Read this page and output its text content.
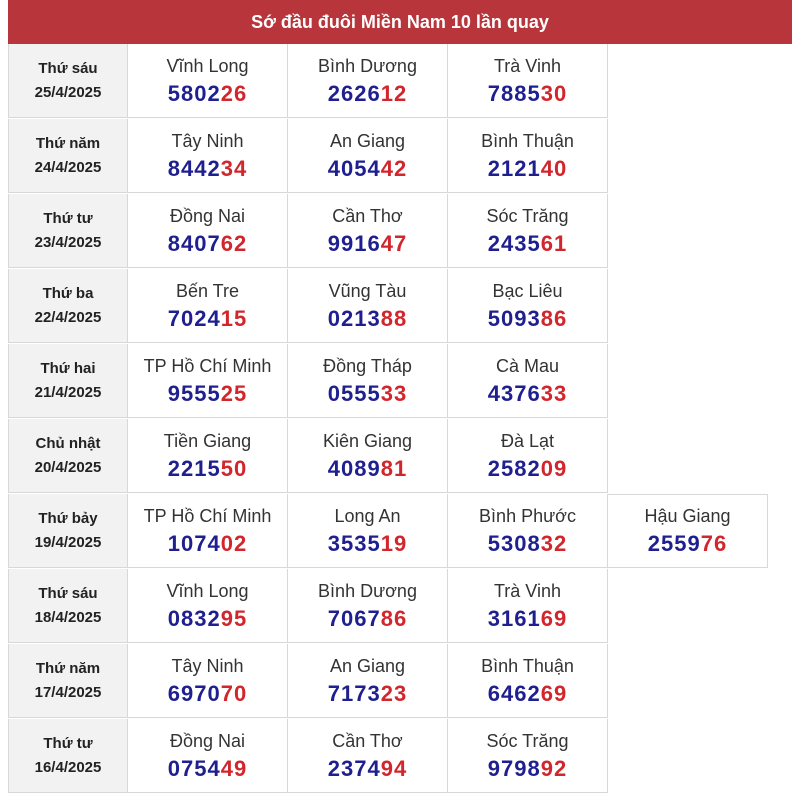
Sớ đầu đuôi Miền Nam 10 lần quay
Thứ sáu
25/4/2025
Vĩnh Long
580226
Bình Dương
262612
Trà Vinh
788530
Thứ năm
24/4/2025
Tây Ninh
844234
An Giang
405442
Bình Thuận
212140
Thứ tư
23/4/2025
Đồng Nai
840762
Cần Thơ
991647
Sóc Trăng
243561
Thứ ba
22/4/2025
Bến Tre
702415
Vũng Tàu
021388
Bạc Liêu
509386
Thứ hai
21/4/2025
TP Hồ Chí Minh
955525
Đồng Tháp
055533
Cà Mau
437633
Chủ nhật
20/4/2025
Tiền Giang
221550
Kiên Giang
408981
Đà Lạt
258209
Thứ bảy
19/4/2025
TP Hồ Chí Minh
107402
Long An
353519
Bình Phước
530832
Hậu Giang
255976
Thứ sáu
18/4/2025
Vĩnh Long
083295
Bình Dương
706786
Trà Vinh
316169
Thứ năm
17/4/2025
Tây Ninh
697070
An Giang
717323
Bình Thuận
646269
Thứ tư
16/4/2025
Đồng Nai
075449
Cần Thơ
237494
Sóc Trăng
979892
